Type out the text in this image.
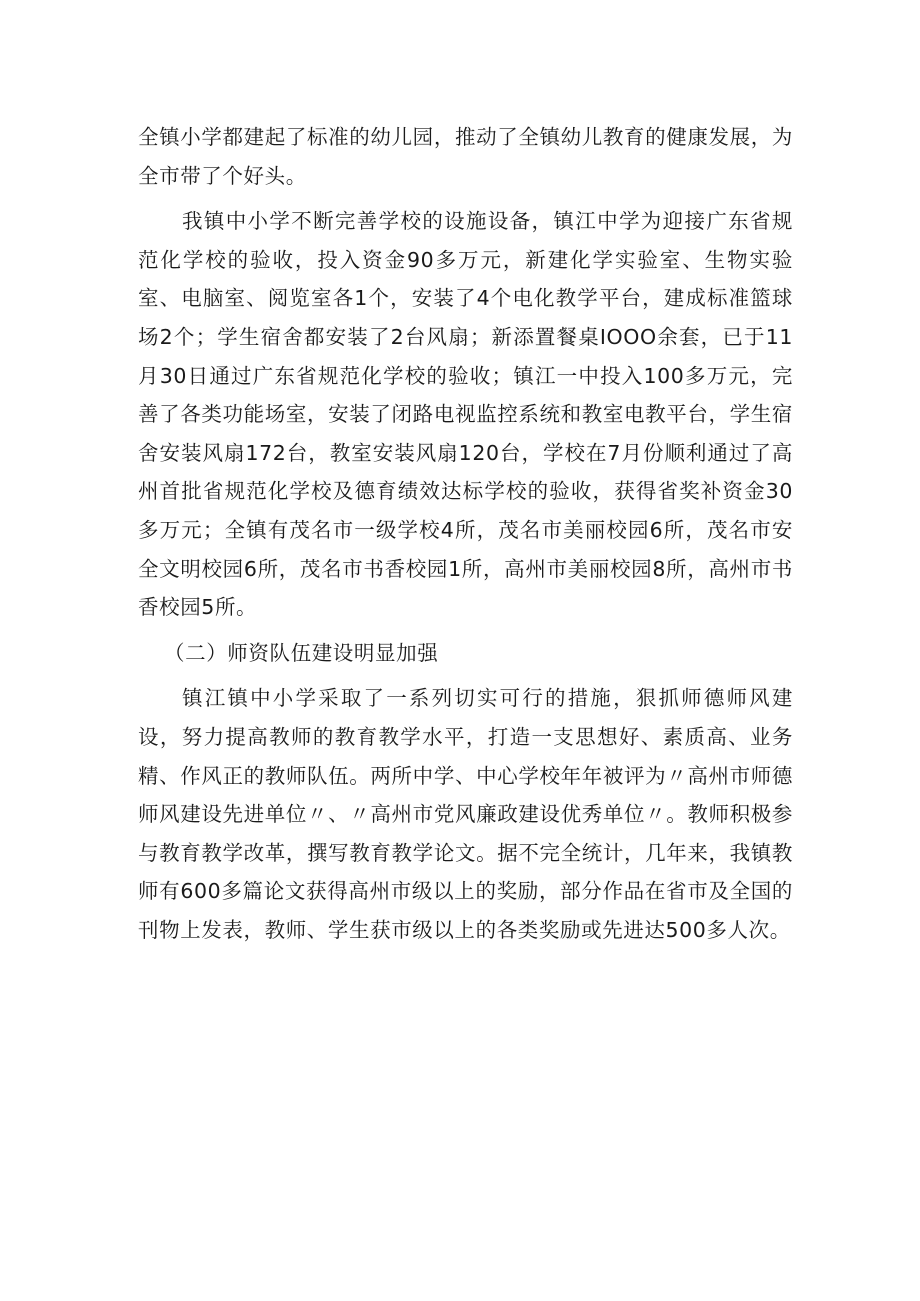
全镇小学都建起了标准的幼儿园，推动了全镇幼儿教育的健康发展，为全市带了个好头。

我镇中小学不断完善学校的设施设备，镇江中学为迎接广东省规范化学校的验收，投入资金90多万元，新建化学实验室、生物实验室、电脑室、阅览室各1个，安装了4个电化教学平台，建成标准篮球场2个；学生宿舍都安装了2台风扇；新添置餐桌IOOO余套，已于11月30日通过广东省规范化学校的验收；镇江一中投入100多万元，完善了各类功能场室，安装了闭路电视监控系统和教室电教平台，学生宿舍安装风扇172台，教室安装风扇120台，学校在7月份顺利通过了高州首批省规范化学校及德育绩效达标学校的验收，获得省奖补资金30多万元；全镇有茂名市一级学校4所，茂名市美丽校园6所，茂名市安全文明校园6所，茂名市书香校园1所，高州市美丽校园8所，高州市书香校园5所。

（二）师资队伍建设明显加强

镇江镇中小学采取了一系列切实可行的措施，狠抓师德师风建设，努力提高教师的教育教学水平，打造一支思想好、素质高、业务精、作风正的教师队伍。两所中学、中心学校年年被评为〃高州市师德师风建设先进单位〃、〃高州市党风廉政建设优秀单位〃。教师积极参与教育教学改革，撰写教育教学论文。据不完全统计，几年来，我镇教师有600多篇论文获得高州市级以上的奖励，部分作品在省市及全国的刊物上发表，教师、学生获市级以上的各类奖励或先进达500多人次。
